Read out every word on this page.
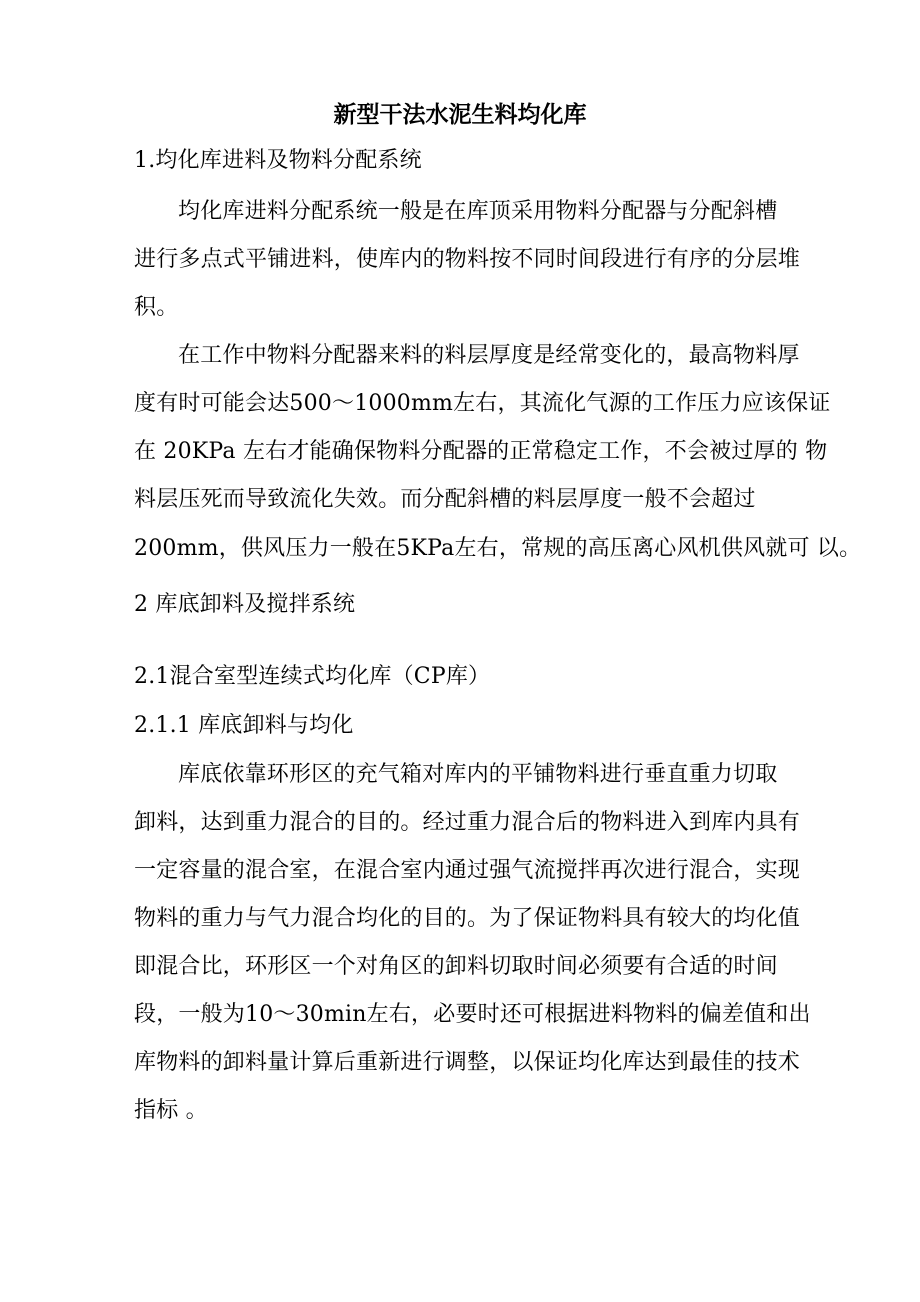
新型干法水泥生料均化库
1.均化库进料及物料分配系统
均化库进料分配系统一般是在库顶采用物料分配器与分配斜槽
进行多点式平铺进料，使库内的物料按不同时间段进行有序的分层堆
积。
在工作中物料分配器来料的料层厚度是经常变化的，最高物料厚
度有时可能会达500～1000mm左右，其流化气源的工作压力应该保证
在 20KPa 左右才能确保物料分配器的正常稳定工作，不会被过厚的 物
料层压死而导致流化失效。而分配斜槽的料层厚度一般不会超过
200mm，供风压力一般在5KPa左右，常规的高压离心风机供风就可 以。
2 库底卸料及搅拌系统
2.1混合室型连续式均化库（CP库）
2.1.1 库底卸料与均化
库底依靠环形区的充气箱对库内的平铺物料进行垂直重力切取
卸料，达到重力混合的目的。经过重力混合后的物料进入到库内具有
一定容量的混合室，在混合室内通过强气流搅拌再次进行混合，实现
物料的重力与气力混合均化的目的。为了保证物料具有较大的均化值
即混合比，环形区一个对角区的卸料切取时间必须要有合适的时间
段，一般为10～30min左右，必要时还可根据进料物料的偏差值和出
库物料的卸料量计算后重新进行调整，以保证均化库达到最佳的技术
指标 。
